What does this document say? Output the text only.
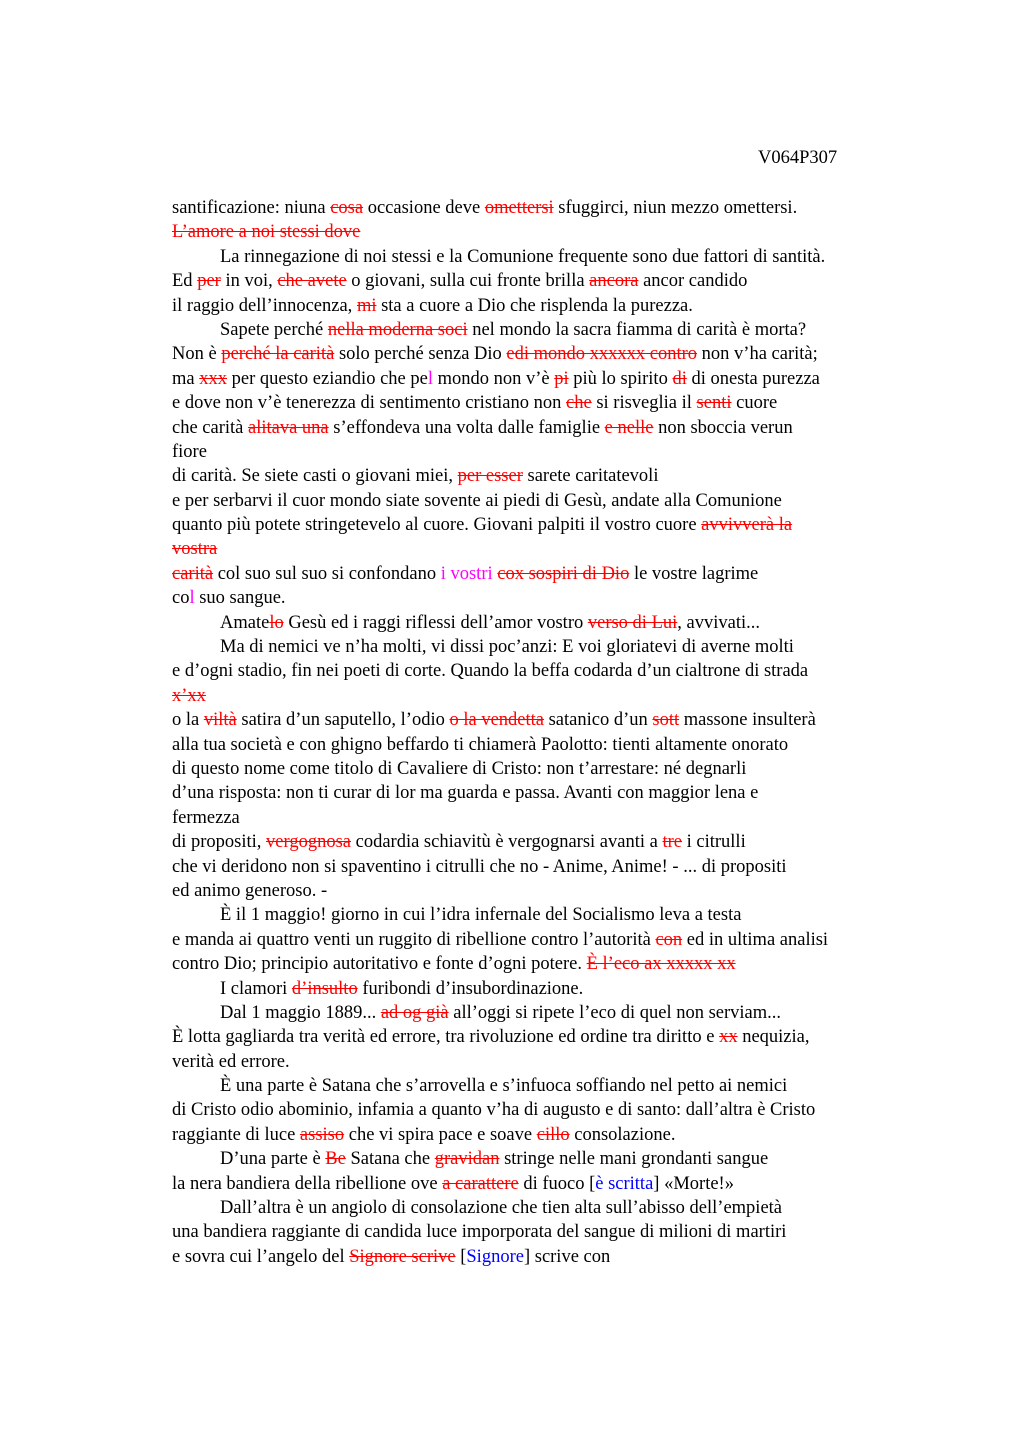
V064P307
santificazione: niuna cosa occasione deve omettersi sfuggirci, niun mezzo omettersi.
L’amore a noi stessi dove
La rinnegazione di noi stessi e la Comunione frequente sono due fattori di santità.
Ed per in voi, che avete o giovani, sulla cui fronte brilla ancora ancor candido
il raggio dell’innocenza, mi sta a cuore a Dio che risplenda la purezza.
Sapete perché nella moderna soci nel mondo la sacra fiamma di carità è morta?
Non è perché la carità solo perché senza Dio edi mondo xxxxxx contro non v’ha carità;
ma xxx per questo eziandio che pel mondo non v’è pi più lo spirito di di onesta purezza
e dove non v’è tenerezza di sentimento cristiano non che si risveglia il senti cuore
che carità alitava una s’effondeva una volta dalle famiglie e nelle non sboccia verun
fiore
di carità. Se siete casti o giovani miei, per esser sarete caritatevoli
e per serbarvi il cuor mondo siate sovente ai piedi di Gesù, andate alla Comunione
quanto più potete stringetevelo al cuore. Giovani palpiti il vostro cuore avvivverà la
vostra
carità col suo sul suo si confondano i vostri cox sospiri di Dio le vostre lagrime
col suo sangue.
Amatelo Gesù ed i raggi riflessi dell’amor vostro verso di Lui, avvivati...
Ma di nemici ve n’ha molti, vi dissi poc’anzi: E voi gloriatevi di averne molti
e d’ogni stadio, fin nei poeti di corte. Quando la beffa codarda d’un cialtrone di strada
x’xx
o la viltà satira d’un saputello, l’odio o la vendetta satanico d’un sott massone insulterà
alla tua società e con ghigno beffardo ti chiamerà Paolotto: tienti altamente onorato
di questo nome come titolo di Cavaliere di Cristo: non t’arrestare: né degnarli
d’una risposta: non ti curar di lor ma guarda e passa. Avanti con maggior lena e
fermezza
di propositi, vergognosa codardia schiavitù è vergognarsi avanti a tre i citrulli
che vi deridono non si spaventino i citrulli che no - Anime, Anime! - ... di propositi
ed animo generoso. -
È il 1 maggio! giorno in cui l’idra infernale del Socialismo leva a testa
e manda ai quattro venti un ruggito di ribellione contro l’autorità con ed in ultima analisi
contro Dio; principio autoritativo e fonte d’ogni potere. È l’eco ax xxxxx xx
I clamori d’insulto furibondi d’insubordinazione.
Dal 1 maggio 1889... ad og già all’oggi si ripete l’eco di quel non serviam...
È lotta gagliarda tra verità ed errore, tra rivoluzione ed ordine tra diritto e xx nequizia,
verità ed errore.
È una parte è Satana che s’arrovella e s’infuoca soffiando nel petto ai nemici
di Cristo odio abominio, infamia a quanto v’ha di augusto e di santo: dall’altra è Cristo
raggiante di luce assiso che vi spira pace e soave cillo consolazione.
D’una parte è Be Satana che gravidan stringe nelle mani grondanti sangue
la nera bandiera della ribellione ove a carattere di fuoco [è scritta] «Morte!»
Dall’altra è un angiolo di consolazione che tien alta sull’abisso dell’empietà
una bandiera raggiante di candida luce imporporata del sangue di milioni di martiri
e sovra cui l’angelo del Signore scrive [Signore] scrive con
